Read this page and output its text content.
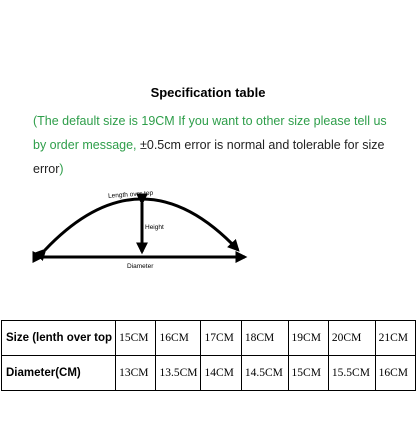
Specification table
(The default size is 19CM If you want to other size please tell us by order message, ±0.5cm error is normal and tolerable for size error)
Length over top
Height
Diameter
Size (lenth over top	15CM	16CM	17CM	18CM	19CM	20CM	21CM
Diameter(CM)	13CM	13.5CM	14CM	14.5CM	15CM	15.5CM	16CM
